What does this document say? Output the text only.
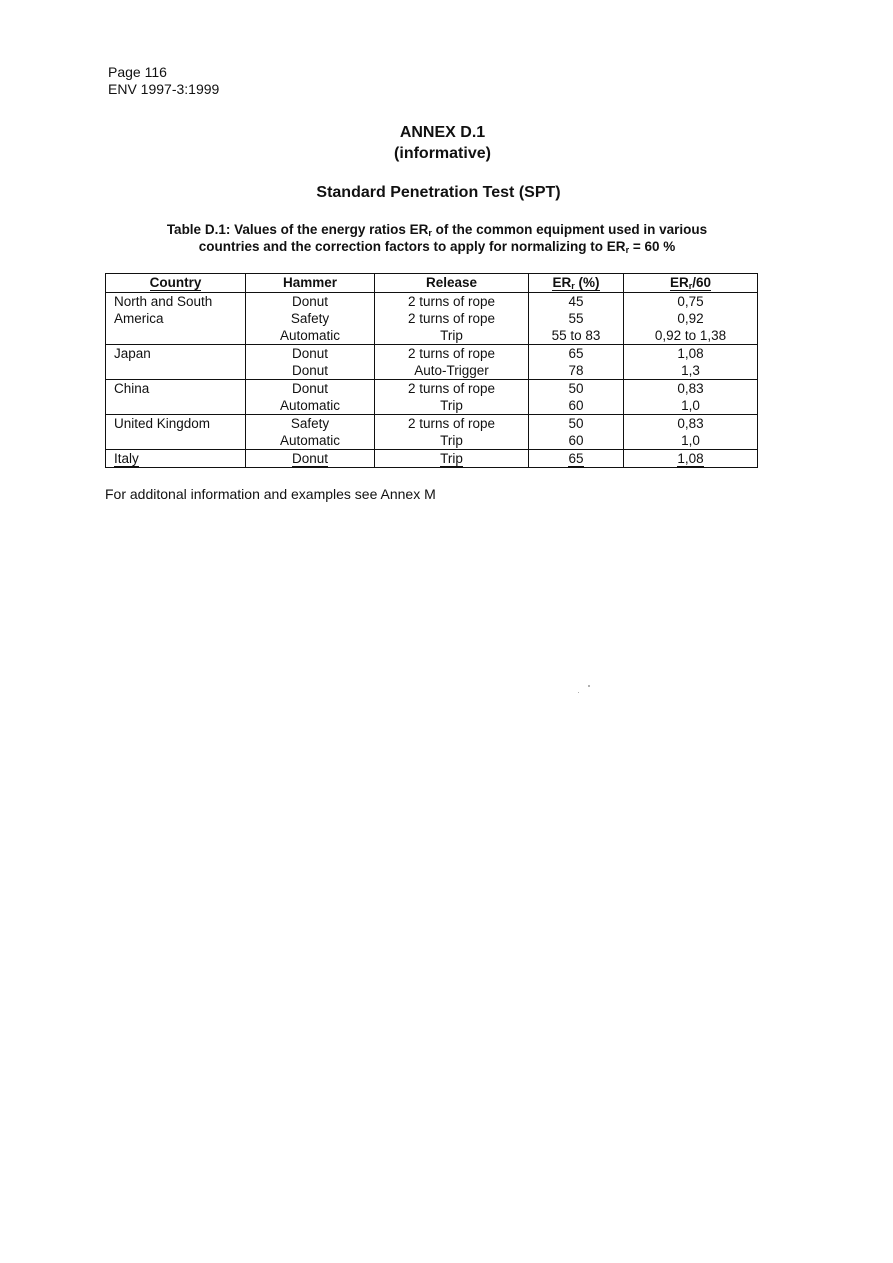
Page 116
ENV 1997-3:1999
ANNEX D.1
(informative)
Standard Penetration Test (SPT)
Table D.1: Values of the energy ratios $ER_r$ of the common equipment used in various
countries and the correction factors to apply for normalizing to $ER_r = 60$ %
Country	Hammer	Release	$ER_r$ (%)	$ER_r/60$
North and South	Donut	2 turns of rope	45	0,75
America	Safety	2 turns of rope	55	0,92
	Automatic	Trip	55 to 83	0,92 to 1,38
Japan	Donut	2 turns of rope	65	1,08
	Donut	Auto-Trigger	78	1,3
China	Donut	2 turns of rope	50	0,83
	Automatic	Trip	60	1,0
United Kingdom	Safety	2 turns of rope	50	0,83
	Automatic	Trip	60	1,0
Italy	Donut	Trip	65	1,08
For additonal information and examples see Annex M
